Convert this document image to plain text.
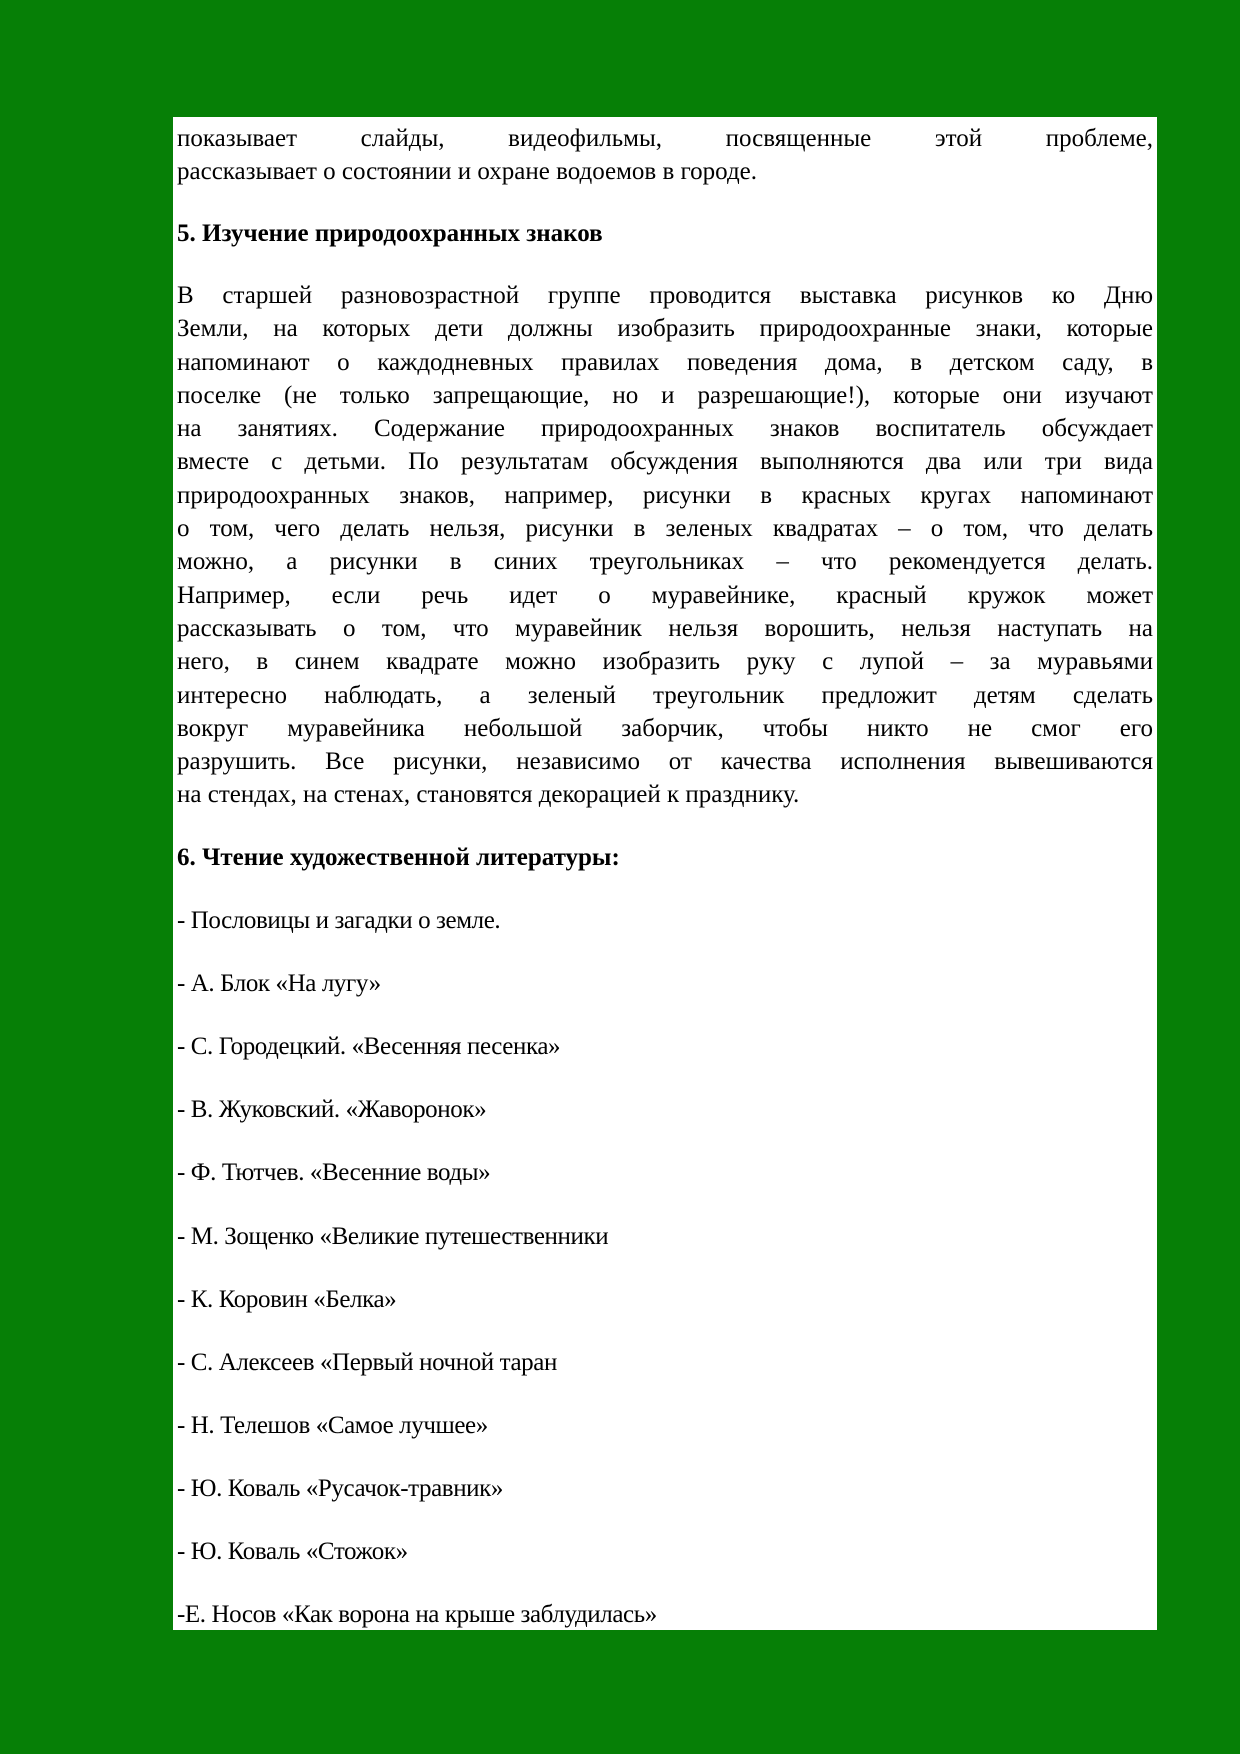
показывает слайды, видеофильмы, посвященные этой проблеме,
рассказывает о состоянии и охране водоемов в городе.
5. Изучение природоохранных знаков
В старшей разновозрастной группе проводится выставка рисунков ко Дню
Земли, на которых дети должны изобразить природоохранные знаки, которые
напоминают о каждодневных правилах поведения дома, в детском саду, в
поселке (не только запрещающие, но и разрешающие!), которые они изучают
на занятиях. Содержание природоохранных знаков воспитатель обсуждает
вместе с детьми. По результатам обсуждения выполняются два или три вида
природоохранных знаков, например, рисунки в красных кругах напоминают
о том, чего делать нельзя, рисунки в зеленых квадратах – о том, что делать
можно, а рисунки в синих треугольниках – что рекомендуется делать.
Например, если речь идет о муравейнике, красный кружок может
рассказывать о том, что муравейник нельзя ворошить, нельзя наступать на
него, в синем квадрате можно изобразить руку с лупой – за муравьями
интересно наблюдать, а зеленый треугольник предложит детям сделать
вокруг муравейника небольшой заборчик, чтобы никто не смог его
разрушить. Все рисунки, независимо от качества исполнения вывешиваются
на стендах, на стенах, становятся декорацией к празднику.
6. Чтение художественной литературы:
- Пословицы и загадки о земле.
- А. Блок «На лугу»
- С. Городецкий. «Весенняя песенка»
- В. Жуковский. «Жаворонок»
- Ф. Тютчев. «Весенние воды»
- М. Зощенко «Великие путешественники
- К. Коровин «Белка»
- С. Алексеев «Первый ночной таран
- Н. Телешов «Самое лучшее»
- Ю. Коваль «Русачок-травник»
- Ю. Коваль «Стожок»
-Е. Носов «Как ворона на крыше заблудилась»
